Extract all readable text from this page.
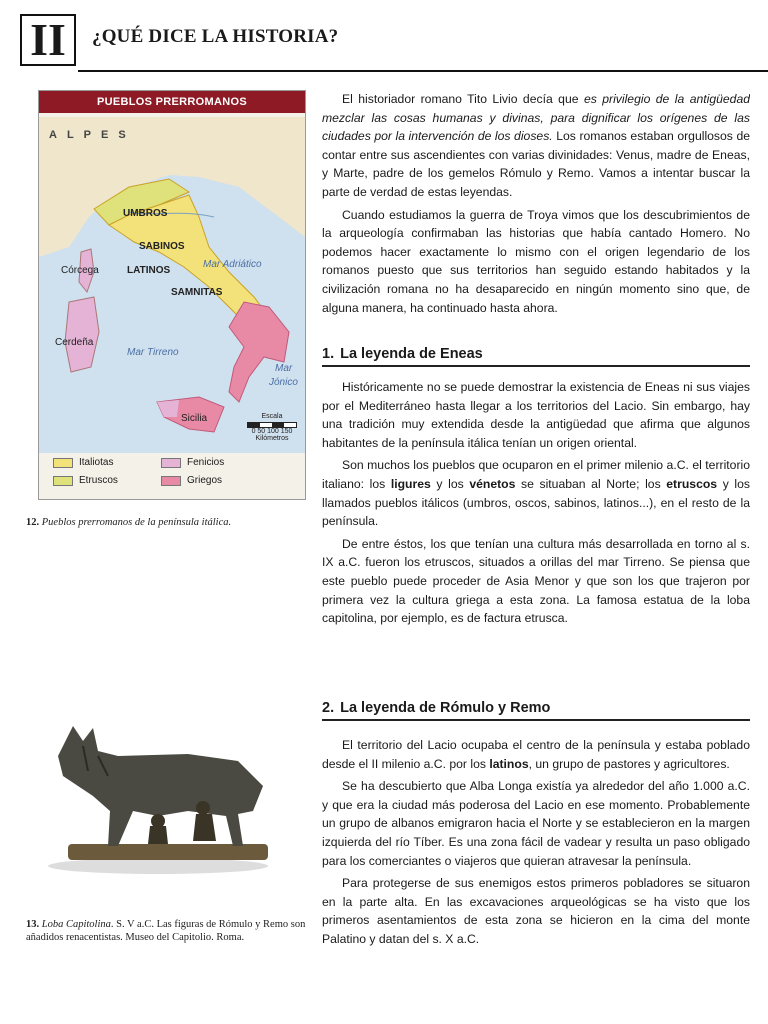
II ¿QUÉ DICE LA HISTORIA?
PUEBLOS PRERROMANOS
ALPES
UMBROS
SABINOS
LATINOS
SAMNITAS
Córcega
Cerdeña
Sicilia
Mar Adriático
Mar Tirreno
Mar
Jónico
Escala
0 50 100 150
Kilómetros
Italiotas	Fenicios
Etruscos	Griegos
12. Pueblos prerromanos de la península itálica.
13. Loba Capitolina. S. V a.C. Las figuras de Rómulo y Remo son añadidos renacentistas. Museo del Capitolio. Roma.

El historiador romano Tito Livio decía que es privilegio de la antigüedad mezclar las cosas humanas y divinas, para dignificar los orígenes de las ciudades por la intervención de los dioses. Los romanos estaban orgullosos de contar entre sus ascendientes con varias divinidades: Venus, madre de Eneas, y Marte, padre de los gemelos Rómulo y Remo. Vamos a intentar buscar la parte de verdad de estas leyendas.

Cuando estudiamos la guerra de Troya vimos que los descubrimientos de la arqueología confirmaban las historias que había cantado Homero. No podemos hacer exactamente lo mismo con el origen legendario de los romanos puesto que sus territorios han seguido estando habitados y la civilización romana no ha desaparecido en ningún momento sino que, de alguna manera, ha continuado hasta ahora.

1. La leyenda de Eneas

Históricamente no se puede demostrar la existencia de Eneas ni sus viajes por el Mediterráneo hasta llegar a los territorios del Lacio. Sin embargo, hay una tradición muy extendida desde la antigüedad que afirma que algunos habitantes de la península itálica tenían un origen oriental.

Son muchos los pueblos que ocuparon en el primer milenio a.C. el territorio italiano: los ligures y los vénetos se situaban al Norte; los etruscos y los llamados pueblos itálicos (umbros, oscos, sabinos, latinos...), en el resto de la península.

De entre éstos, los que tenían una cultura más desarrollada en torno al s. IX a.C. fueron los etruscos, situados a orillas del mar Tirreno. Se piensa que este pueblo puede proceder de Asia Menor y que son los que trajeron por primera vez la cultura griega a esta zona. La famosa estatua de la loba capitolina, por ejemplo, es de factura etrusca.

2. La leyenda de Rómulo y Remo

El territorio del Lacio ocupaba el centro de la península y estaba poblado desde el II milenio a.C. por los latinos, un grupo de pastores y agricultores.

Se ha descubierto que Alba Longa existía ya alrededor del año 1.000 a.C. y que era la ciudad más poderosa del Lacio en ese momento. Probablemente un grupo de albanos emigraron hacia el Norte y se establecieron en la margen izquierda del río Tíber. Es una zona fácil de vadear y resulta un paso obligado para los comerciantes o viajeros que quieran atravesar la península.

Para protegerse de sus enemigos estos primeros pobladores se situaron en la parte alta. En las excavaciones arqueológicas se ha visto que los primeros asentamientos de esta zona se hicieron en la cima del monte Palatino y datan del s. X a.C.
